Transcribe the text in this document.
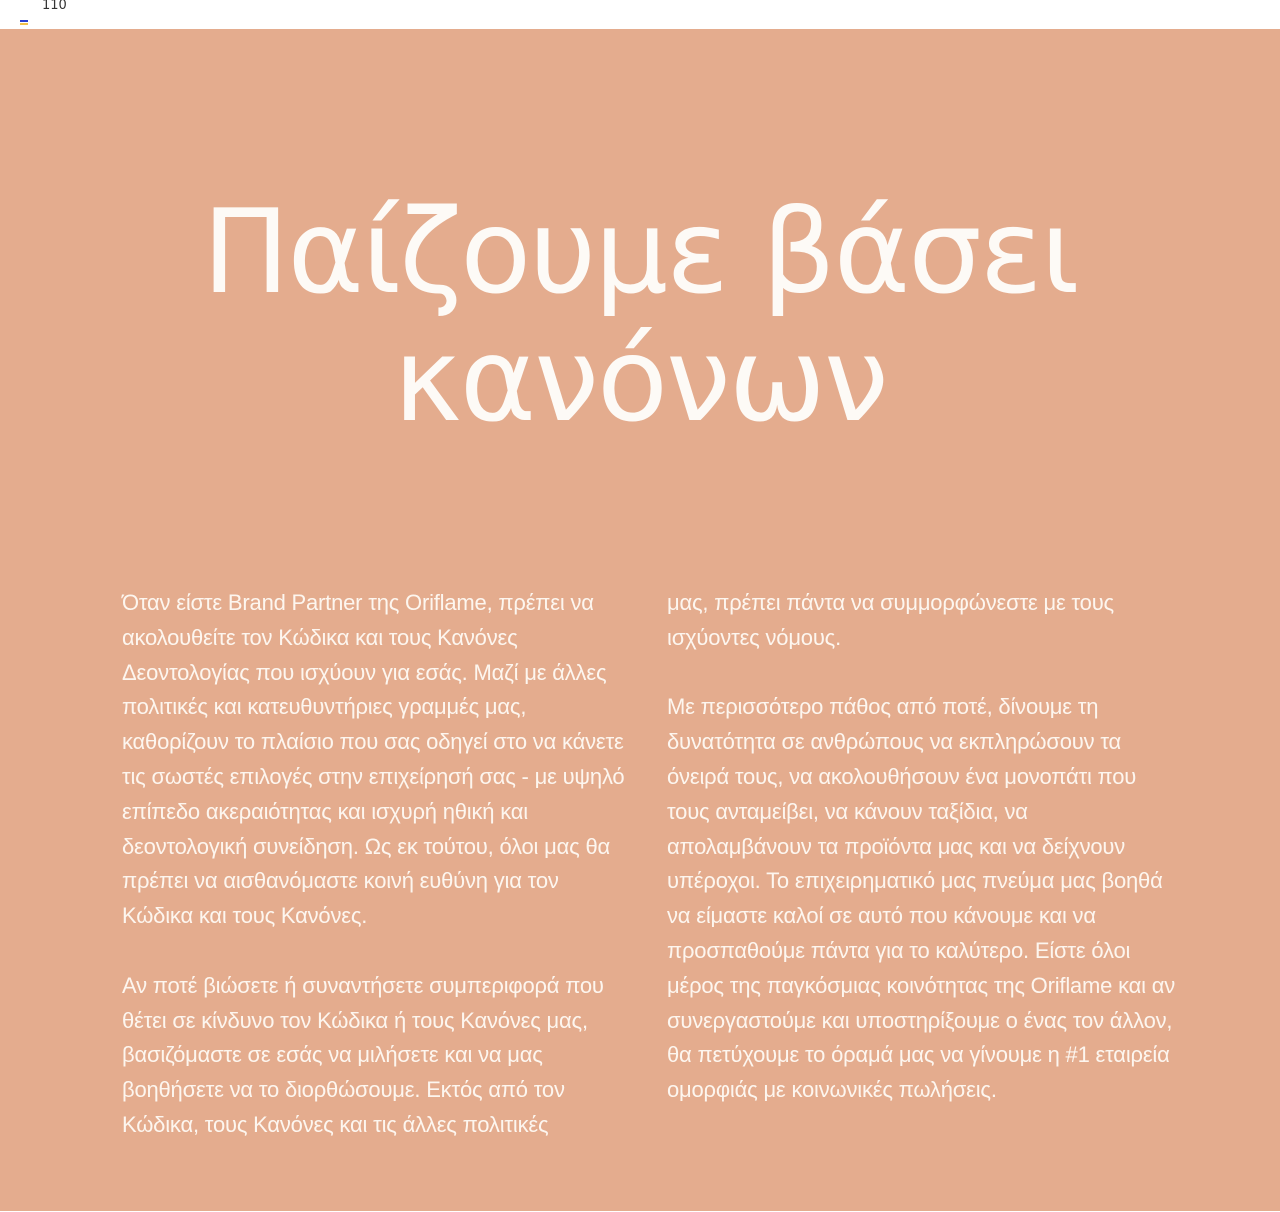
110
Παίζουμε βάσει
κανόνων

Όταν είστε Brand Partner της Oriflame, πρέπει να ακολουθείτε τον Κώδικα και τους Κανόνες Δεοντολογίας που ισχύουν για εσάς. Μαζί με άλλες πολιτικές και κατευθυντήριες γραμμές μας, καθορίζουν το πλαίσιο που σας οδηγεί στο να κάνετε τις σωστές επιλογές στην επιχείρησή σας - με υψηλό επίπεδο ακεραιότητας και ισχυρή ηθική και δεοντολογική συνείδηση. Ως εκ τούτου, όλοι μας θα πρέπει να αισθανόμαστε κοινή ευθύνη για τον Κώδικα και τους Κανόνες.

Αν ποτέ βιώσετε ή συναντήσετε συμπεριφορά που θέτει σε κίνδυνο τον Κώδικα ή τους Κανόνες μας, βασιζόμαστε σε εσάς να μιλήσετε και να μας βοηθήσετε να το διορθώσουμε. Εκτός από τον Κώδικα, τους Κανόνες και τις άλλες πολιτικές

μας, πρέπει πάντα να συμμορφώνεστε με τους ισχύοντες νόμους.

Με περισσότερο πάθος από ποτέ, δίνουμε τη δυνατότητα σε ανθρώπους να εκπληρώσουν τα όνειρά τους, να ακολουθήσουν ένα μονοπάτι που τους ανταμείβει, να κάνουν ταξίδια, να απολαμβάνουν τα προϊόντα μας και να δείχνουν υπέροχοι. Το επιχειρηματικό μας πνεύμα μας βοηθά να είμαστε καλοί σε αυτό που κάνουμε και να προσπαθούμε πάντα για το καλύτερο. Είστε όλοι μέρος της παγκόσμιας κοινότητας της Oriflame και αν συνεργαστούμε και υποστηρίξουμε ο ένας τον άλλον, θα πετύχουμε το όραμά μας να γίνουμε η #1 εταιρεία ομορφιάς με κοινωνικές πωλήσεις.
